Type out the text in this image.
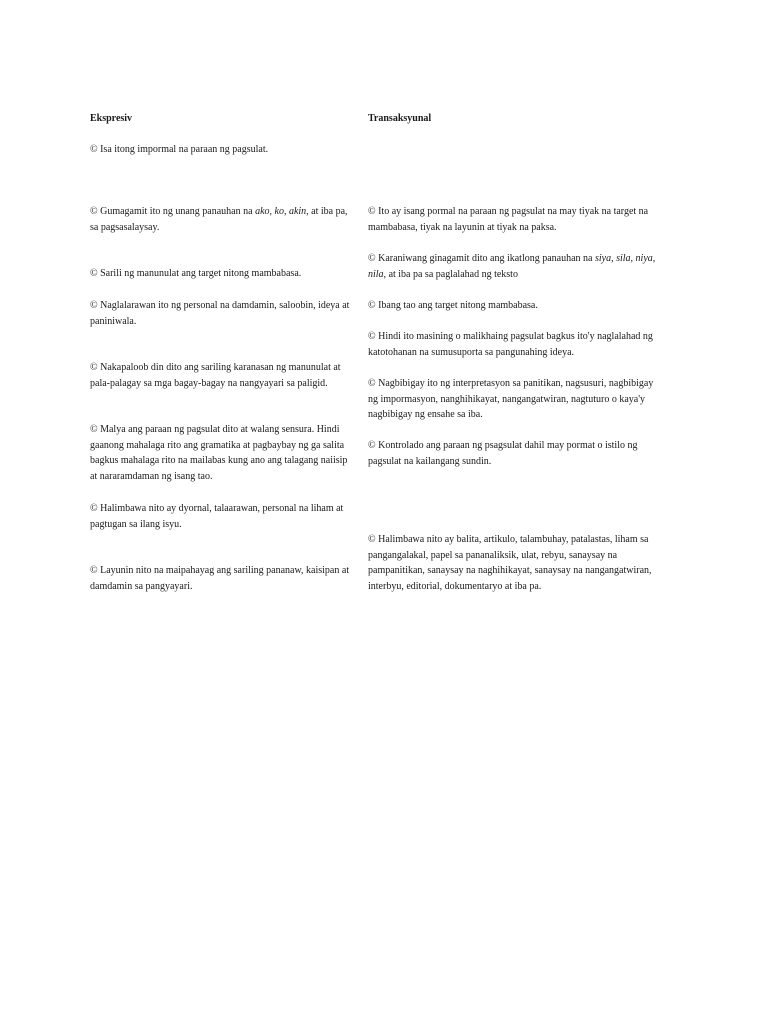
Ekspresiv
© Isa itong impormal na paraan ng pagsulat.
© Gumagamit ito ng unang panauhan na ako, ko, akin, at iba pa,
sa pagsasalaysay.
© Sarili ng manunulat ang target nitong mambabasa.
© Naglalarawan ito ng personal na damdamin, saloobin, ideya at
paniniwala.
© Nakapaloob din dito ang sariling karanasan ng manunulat at
pala-palagay sa mga bagay-bagay na nangyayari sa paligid.
© Malya ang paraan ng pagsulat dito at walang sensura. Hindi
gaanong mahalaga rito ang gramatika at pagbaybay ng ga salita
bagkus mahalaga rito na mailabas kung ano ang talagang naiisip
at nararamdaman ng isang tao.
© Halimbawa nito ay dyornal, talaarawan, personal na liham at
pagtugan sa ilang isyu.
© Layunin nito na maipahayag ang sariling pananaw, kaisipan at
damdamin sa pangyayari.
Transaksyunal
© Ito ay isang pormal na paraan ng pagsulat na may tiyak na target na
mambabasa, tiyak na layunin at tiyak na paksa.
© Karaniwang ginagamit dito ang ikatlong panauhan na siya, sila, niya,
nila, at iba pa sa paglalahad ng teksto
© Ibang tao ang target nitong mambabasa.
© Hindi ito masining o malikhaing pagsulat bagkus ito'y naglalahad ng
katotohanan na sumusuporta sa pangunahing ideya.
© Nagbibigay ito ng interpretasyon sa panitikan, nagsusuri, nagbibigay
ng impormasyon, nanghihikayat, nangangatwiran, nagtuturo o kaya'y
nagbibigay ng ensahe sa iba.
© Kontrolado ang paraan ng psagsulat dahil may pormat o istilo ng
pagsulat na kailangang sundin.
© Halimbawa nito ay balita, artikulo, talambuhay, patalastas, liham sa
pangangalakal, papel sa pananaliksik, ulat, rebyu, sanaysay na
pampanitikan, sanaysay na naghihikayat, sanaysay na nangangatwiran,
interbyu, editorial, dokumentaryo at iba pa.
